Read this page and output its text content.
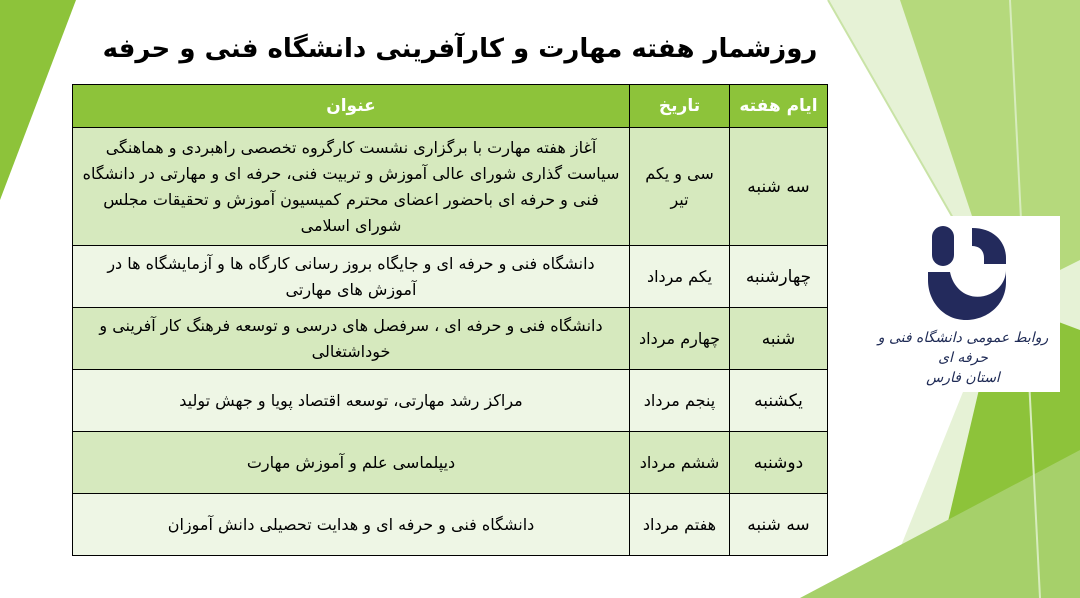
روزشمار هفته مهارت و کارآفرینی دانشگاه فنی و حرفه
ایام هفته	تاریخ	عنوان
سه شنبه	سی و یکم تیر	آغاز هفته مهارت با برگزاری نشست کارگروه تخصصی راهبردی و هماهنگی سیاست گذاری شورای عالی آموزش و تربیت فنی، حرفه ای و مهارتی در دانشگاه فنی و حرفه ای باحضور اعضای محترم کمیسیون آموزش و تحقیقات مجلس شورای اسلامی
چهارشنبه	یکم مرداد	دانشگاه فنی و حرفه ای و جایگاه بروز رسانی کارگاه ها و آزمایشگاه ها در آموزش های مهارتی
شنبه	چهارم مرداد	دانشگاه فنی و حرفه ای ، سرفصل های درسی و توسعه فرهنگ کار آفرینی و خوداشتغالی
یکشنبه	پنجم مرداد	مراکز رشد مهارتی، توسعه اقتصاد پویا و جهش تولید
دوشنبه	ششم مرداد	دیپلماسی علم و آموزش مهارت
سه شنبه	هفتم مرداد	دانشگاه فنی و حرفه ای و هدایت تحصیلی دانش آموزان
روابط عمومی دانشگاه فنی و حرفه ای
استان فارس
